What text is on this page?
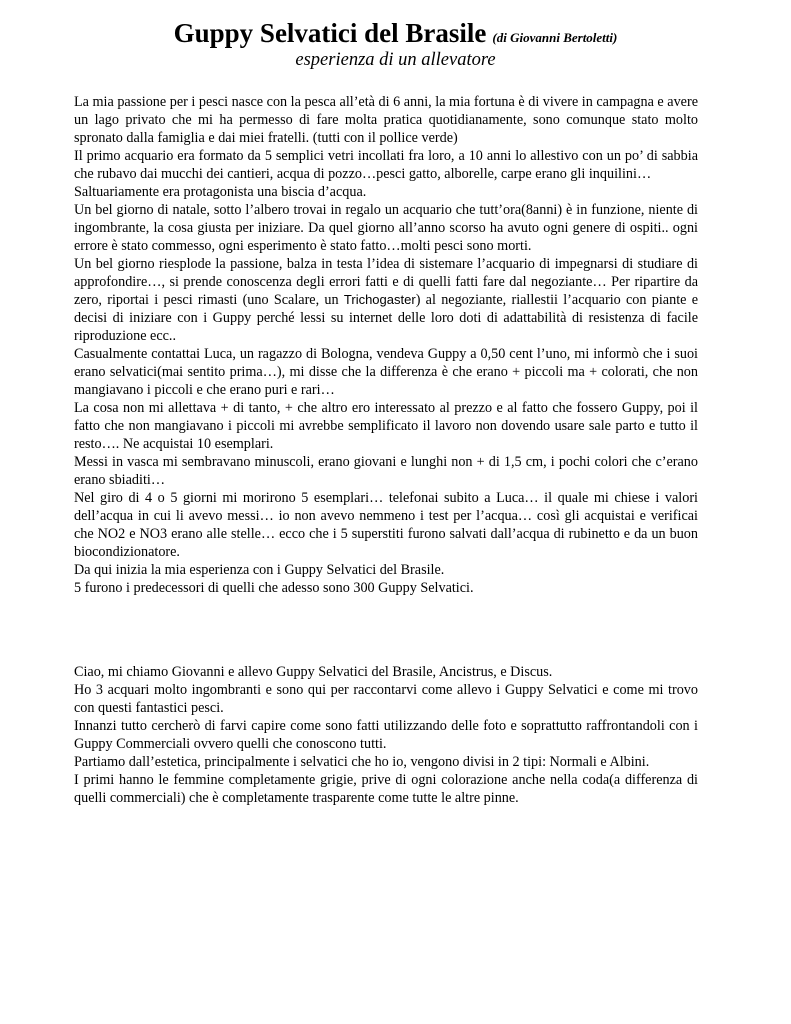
Guppy Selvatici del Brasile (di Giovanni Bertoletti)
esperienza di un allevatore

La mia passione per i pesci nasce con la pesca all’età di 6 anni, la mia fortuna è di vivere in campagna e avere un lago privato che mi ha permesso di fare molta pratica quotidianamente, sono comunque stato molto spronato dalla famiglia e dai miei fratelli. (tutti con il pollice verde)

Il primo acquario era formato da 5 semplici vetri incollati fra loro, a 10 anni lo allestivo con un po’ di sabbia che rubavo dai mucchi dei cantieri, acqua di pozzo…pesci gatto, alborelle, carpe erano gli inquilini…

Saltuariamente era protagonista una biscia d’acqua.

Un bel giorno di natale, sotto l’albero trovai in regalo un acquario che tutt’ora(8anni) è in funzione, niente di ingombrante, la cosa giusta per iniziare. Da quel giorno all’anno scorso ha avuto ogni genere di ospiti.. ogni errore è stato commesso, ogni esperimento è stato fatto…molti pesci sono morti.

Un bel giorno riesplode la passione, balza in testa l’idea di sistemare l’acquario di impegnarsi di studiare di approfondire…, si prende conoscenza degli errori fatti e di quelli fatti fare dal negoziante… Per ripartire da zero, riportai i pesci rimasti (uno Scalare, un Trichogaster) al negoziante, riallestii l’acquario con piante e decisi di iniziare con i Guppy perché lessi su internet delle loro doti di adattabilità di resistenza di facile riproduzione ecc..

Casualmente contattai Luca, un ragazzo di Bologna, vendeva Guppy a 0,50 cent l’uno, mi informò che i suoi erano selvatici(mai sentito prima…), mi disse che la differenza è che erano + piccoli ma + colorati, che non mangiavano i piccoli e che erano puri e rari…

La cosa non mi allettava + di tanto, + che altro ero interessato al prezzo e al fatto che fossero Guppy, poi il fatto che non mangiavano i piccoli mi avrebbe semplificato il lavoro non dovendo usare sale parto e tutto il resto…. Ne acquistai 10 esemplari.

Messi in vasca mi sembravano minuscoli, erano giovani e lunghi non + di 1,5 cm, i pochi colori che c’erano erano sbiaditi…

Nel giro di 4 o 5 giorni mi morirono 5 esemplari… telefonai subito a Luca… il quale mi chiese i valori dell’acqua in cui li avevo messi… io non avevo nemmeno i test per l’acqua… così gli acquistai e verificai che NO2 e NO3 erano alle stelle… ecco che i 5 superstiti furono salvati dall’acqua di rubinetto e da un buon biocondizionatore.

Da qui inizia la mia esperienza con i Guppy Selvatici del Brasile.

5 furono i predecessori di quelli che adesso sono 300 Guppy Selvatici.

Ciao, mi chiamo Giovanni e allevo Guppy Selvatici del Brasile, Ancistrus, e Discus.

Ho 3 acquari molto ingombranti e sono qui per raccontarvi come allevo i Guppy Selvatici e come mi trovo con questi fantastici pesci.

Innanzi tutto cercherò di farvi capire come sono fatti utilizzando delle foto e soprattutto raffrontandoli con i Guppy Commerciali ovvero quelli che conoscono tutti.

Partiamo dall’estetica, principalmente i selvatici che ho io, vengono divisi in 2 tipi: Normali e Albini.

I primi hanno le femmine completamente grigie, prive di ogni colorazione anche nella coda(a differenza di quelli commerciali) che è completamente trasparente come tutte le altre pinne.
